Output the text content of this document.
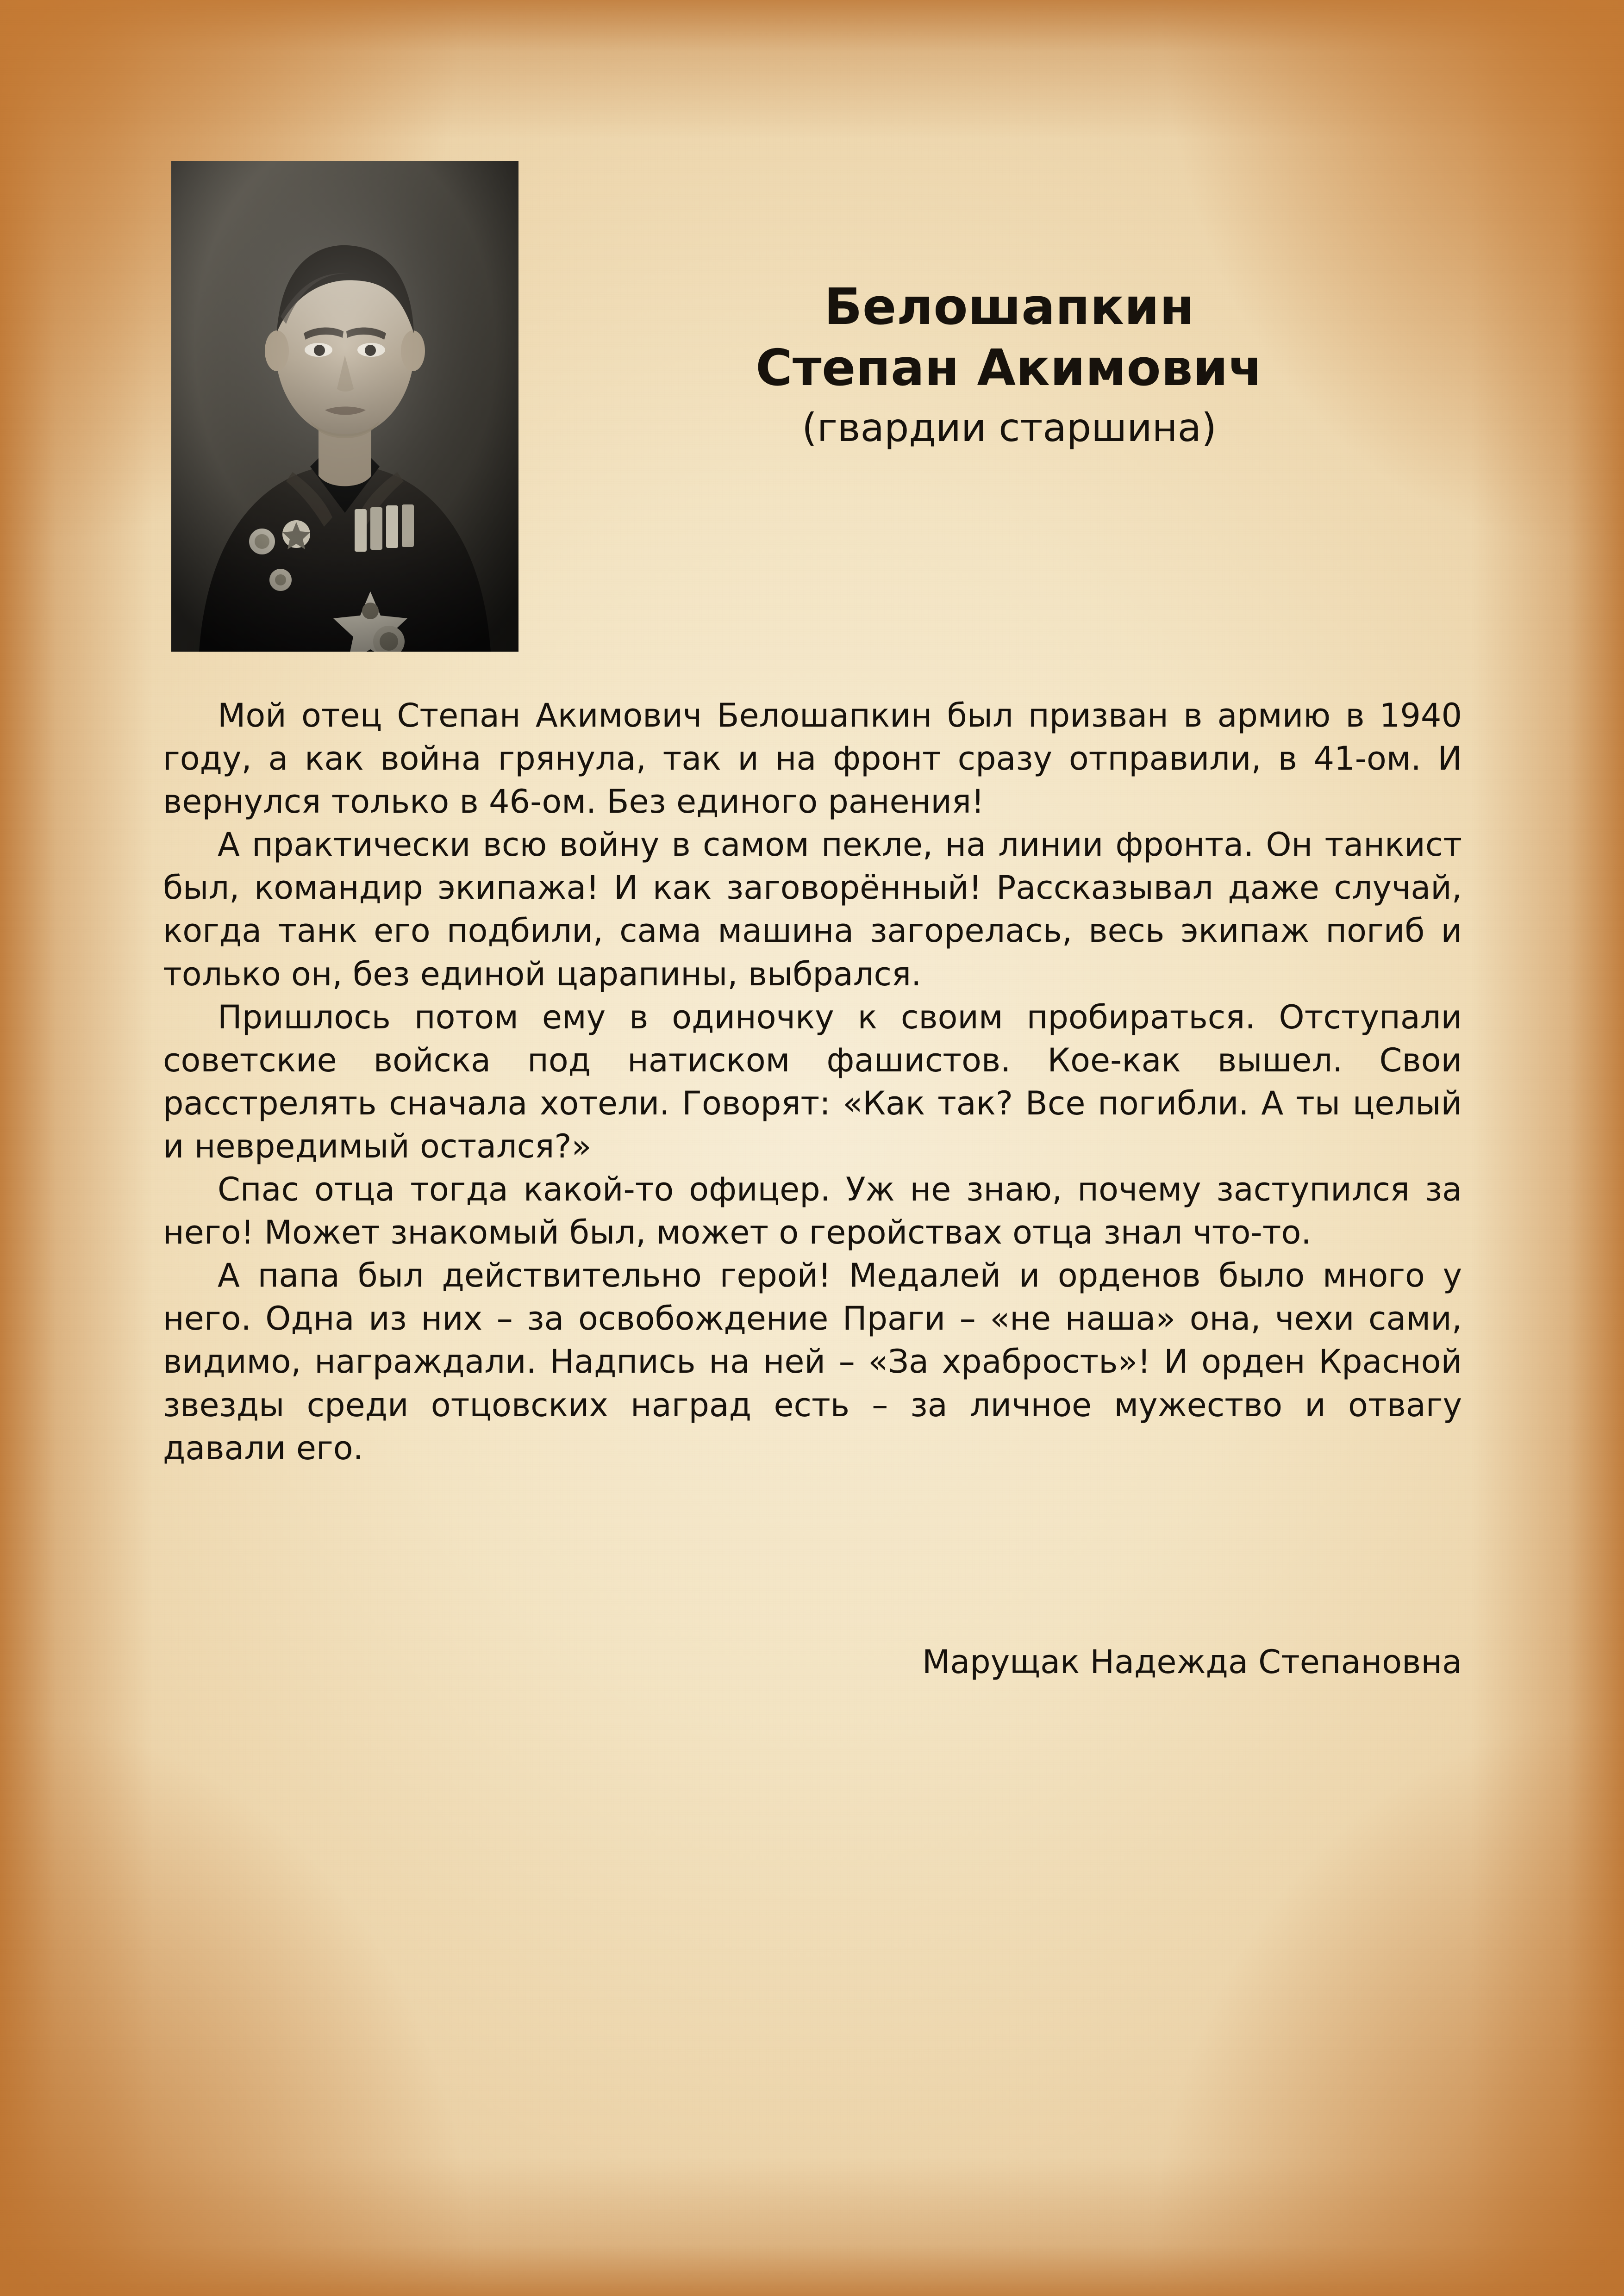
Белошапкин
Степан Акимович
(гвардии старшина)

Мой отец Степан Акимович Белошапкин был призван в армию в 1940 году, а как война грянула, так и на фронт сразу отправили, в 41-ом. И вернулся только в 46-ом. Без единого ранения!

А практически всю войну в самом пекле, на линии фронта. Он танкист был, командир экипажа! И как заговорённый! Рассказывал даже случай, когда танк его подбили, сама машина загорелась, весь экипаж погиб и только он, без единой царапины, выбрался.

Пришлось потом ему в одиночку к своим пробираться. Отступали советские войска под натиском фашистов. Кое-как вышел. Свои расстрелять сначала хотели. Говорят: «Как так? Все погибли. А ты целый и невредимый остался?»

Спас отца тогда какой-то офицер. Уж не знаю, почему заступился за него! Может знакомый был, может о геройствах отца знал что-то.

А папа был действительно герой! Медалей и орденов было много у него. Одна из них – за освобождение Праги – «не наша» она, чехи сами, видимо, награждали. Надпись на ней – «За храбрость»! И орден Красной звезды среди отцовских наград есть – за личное мужество и отвагу давали его.

Марущак Надежда Степановна
